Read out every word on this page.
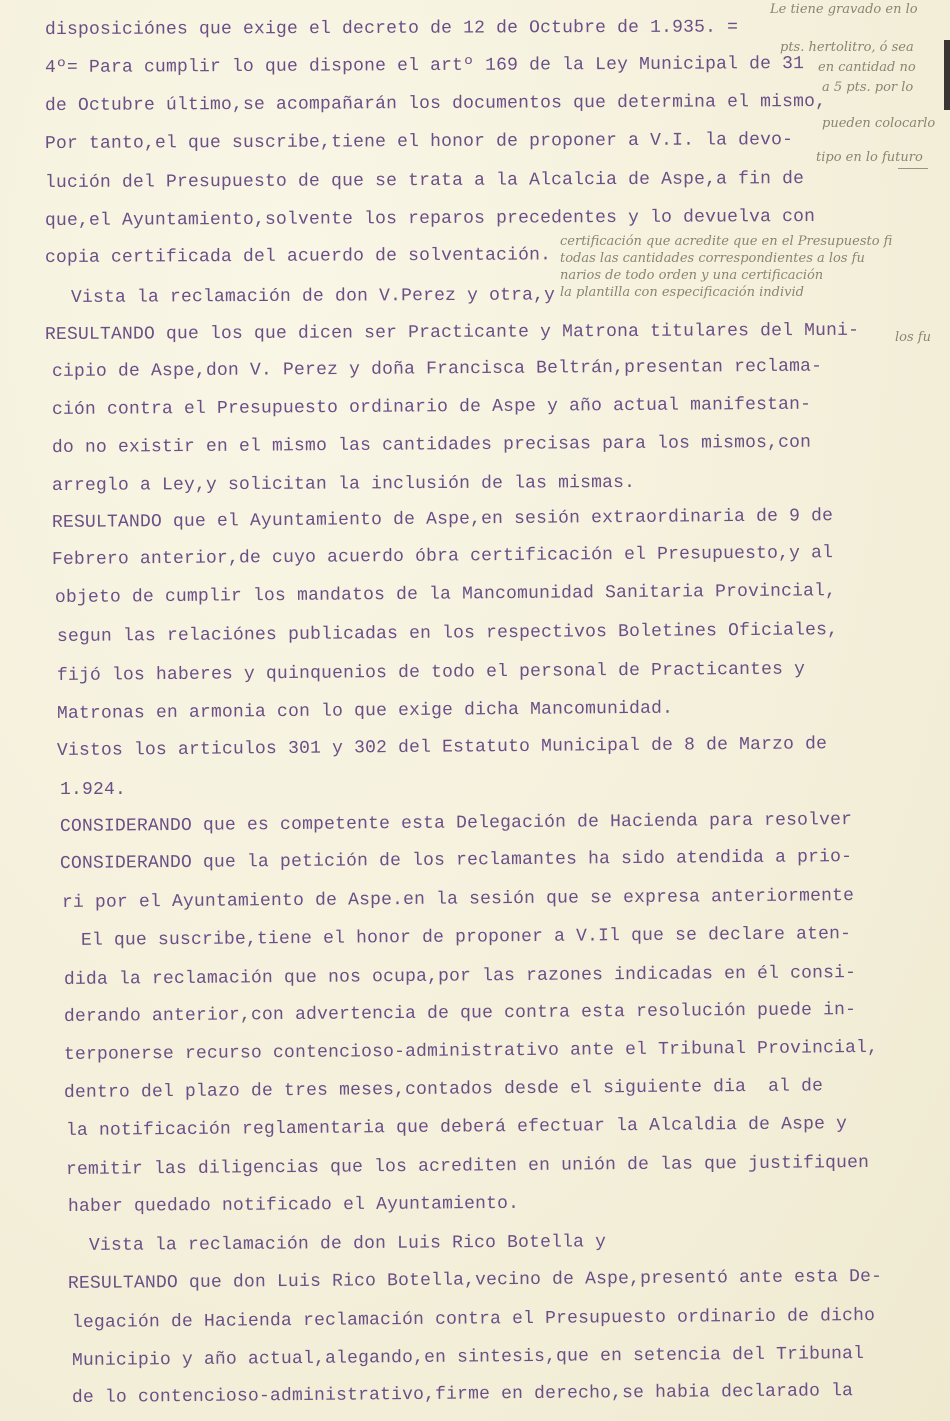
disposiciónes que exige el decreto de 12 de Octubre de 1.935. =
4º= Para cumplir lo que dispone el artº 169 de la Ley Municipal de 31
de Octubre último,se acompañarán los documentos que determina el mismo,
Por tanto,el que suscribe,tiene el honor de proponer a V.I. la devo-
lución del Presupuesto de que se trata a la Alcalcia de Aspe,a fin de
que,el Ayuntamiento,solvente los reparos precedentes y lo devuelva con
copia certificada del acuerdo de solventación.
Vista la reclamación de don V.Perez y otra,y
RESULTANDO que los que dicen ser Practicante y Matrona titulares del Muni-
cipio de Aspe,don V. Perez y doña Francisca Beltrán,presentan reclama-
ción contra el Presupuesto ordinario de Aspe y año actual manifestan-
do no existir en el mismo las cantidades precisas para los mismos,con
arreglo a Ley,y solicitan la inclusión de las mismas.
RESULTANDO que el Ayuntamiento de Aspe,en sesión extraordinaria de 9 de
Febrero anterior,de cuyo acuerdo óbra certificación el Presupuesto,y al
objeto de cumplir los mandatos de la Mancomunidad Sanitaria Provincial,
segun las relaciónes publicadas en los respectivos Boletines Oficiales,
fijó los haberes y quinquenios de todo el personal de Practicantes y
Matronas en armonia con lo que exige dicha Mancomunidad.
Vistos los articulos 301 y 302 del Estatuto Municipal de 8 de Marzo de
1.924.
CONSIDERANDO que es competente esta Delegación de Hacienda para resolver
CONSIDERANDO que la petición de los reclamantes ha sido atendida a prio-
ri por el Ayuntamiento de Aspe.en la sesión que se expresa anteriormente
El que suscribe,tiene el honor de proponer a V.Il que se declare aten-
dida la reclamación que nos ocupa,por las razones indicadas en él consi-
derando anterior,con advertencia de que contra esta resolución puede in-
terponerse recurso contencioso-administrativo ante el Tribunal Provincial,
dentro del plazo de tres meses,contados desde el siguiente dia  al de
la notificación reglamentaria que deberá efectuar la Alcaldia de Aspe y
remitir las diligencias que los acrediten en unión de las que justifiquen
haber quedado notificado el Ayuntamiento.
Vista la reclamación de don Luis Rico Botella y
RESULTANDO que don Luis Rico Botella,vecino de Aspe,presentó ante esta De-
legación de Hacienda reclamación contra el Presupuesto ordinario de dicho
Municipio y año actual,alegando,en sintesis,que en setencia del Tribunal
de lo contencioso-administrativo,firme en derecho,se habia declarado la
Le tiene gravado en lo
pts. hertolitro, ó sea
en cantidad no
a 5 pts. por lo
pueden colocarlo
tipo en lo futuro
certificación que acredite que en el Presupuesto fi
todas las cantidades correspondientes a los fu
narios de todo orden y una certificación
la plantilla con especificación individ
los fu
